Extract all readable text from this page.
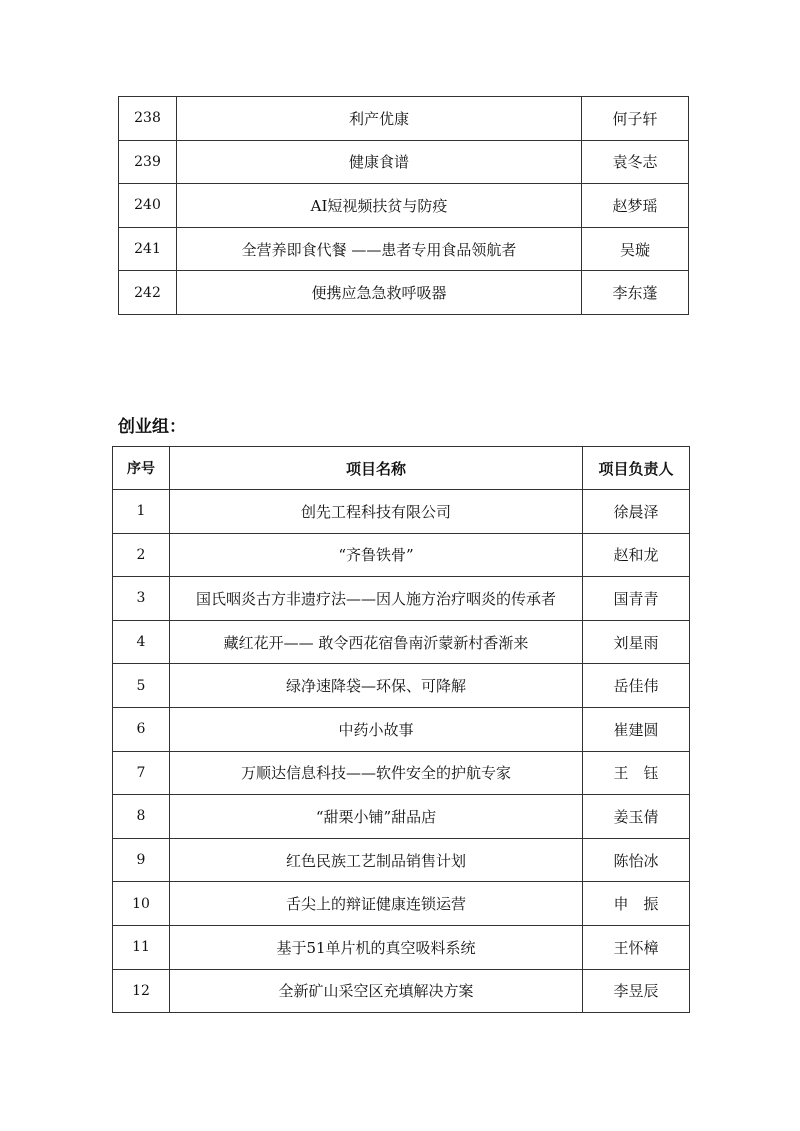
238	利产优康	何子轩
239	健康食谱	袁冬志
240	AI短视频扶贫与防疫	赵梦瑶
241	全营养即食代餐 ——患者专用食品领航者	吴璇
242	便携应急急救呼吸器	李东蓬
创业组：
序号	项目名称	项目负责人
1	创先工程科技有限公司	徐晨泽
2	“齐鲁铁骨”	赵和龙
3	国氏咽炎古方非遗疗法——因人施方治疗咽炎的传承者	国青青
4	藏红花开—— 敢令西花宿鲁南沂蒙新村香渐来	刘星雨
5	绿净速降袋—环保、可降解	岳佳伟
6	中药小故事	崔建圆
7	万顺达信息科技——软件安全的护航专家	王　钰
8	“甜栗小铺”甜品店	姜玉倩
9	红色民族工艺制品销售计划	陈怡冰
10	舌尖上的辩证健康连锁运营	申　振
11	基于51单片机的真空吸料系统	王怀樟
12	全新矿山采空区充填解决方案	李昱辰
